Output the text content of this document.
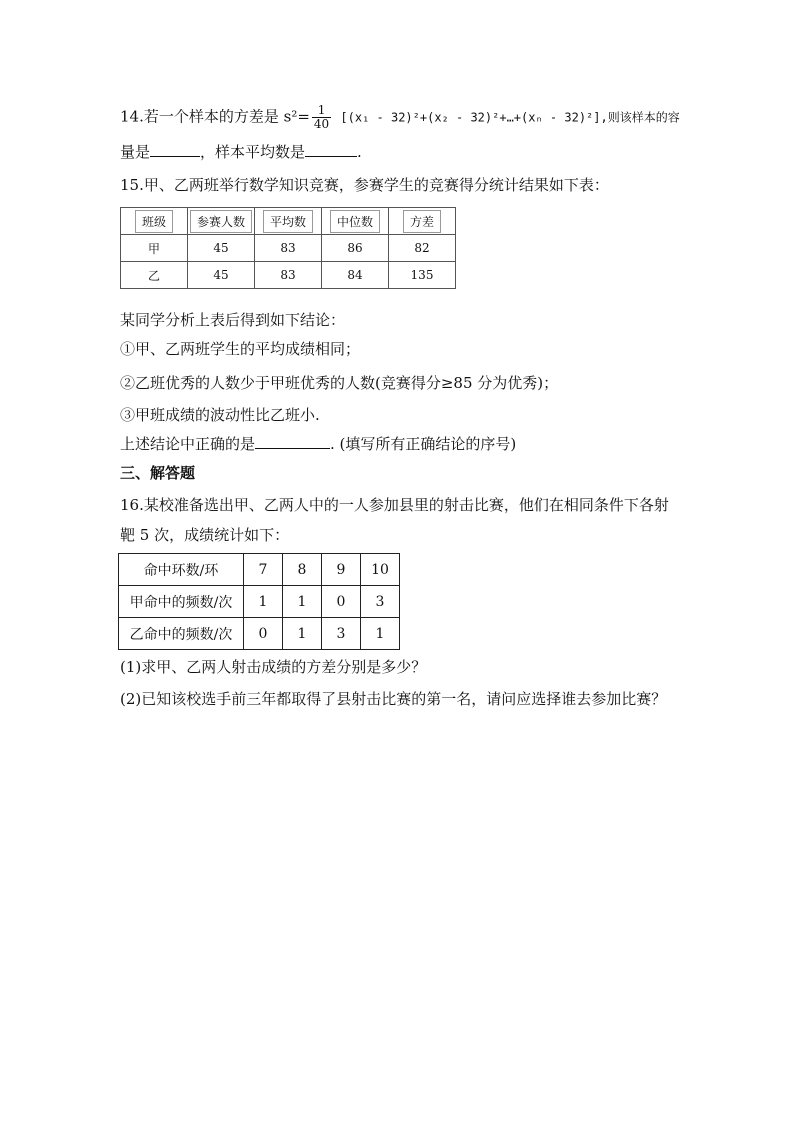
14.若一个样本的方差是 $s^2= \frac{1}{40} [(x_1 - 32)^2+(x_2$ - 32)²+…+(xₙ - 32)²],则该样本的容
量是	，样本平均数是	.
15.甲、乙两班举行数学知识竞赛，参赛学生的竞赛得分统计结果如下表：
班级	参赛人数	平均数	中位数	方差
甲	45	83	86	82
乙	45	83	84	135
某同学分析上表后得到如下结论：
①甲、乙两班学生的平均成绩相同；
②乙班优秀的人数少于甲班优秀的人数(竞赛得分≥85 分为优秀)；
③甲班成绩的波动性比乙班小.
上述结论中正确的是	. (填写所有正确结论的序号)
三、解答题
16.某校准备选出甲、乙两人中的一人参加县里的射击比赛，他们在相同条件下各射
靶 5 次，成绩统计如下：
命中环数/环	7	8	9	10
甲命中的频数/次	1	1	0	3
乙命中的频数/次	0	1	3	1
(1)求甲、乙两人射击成绩的方差分别是多少？
(2)已知该校选手前三年都取得了县射击比赛的第一名，请问应选择谁去参加比赛？
